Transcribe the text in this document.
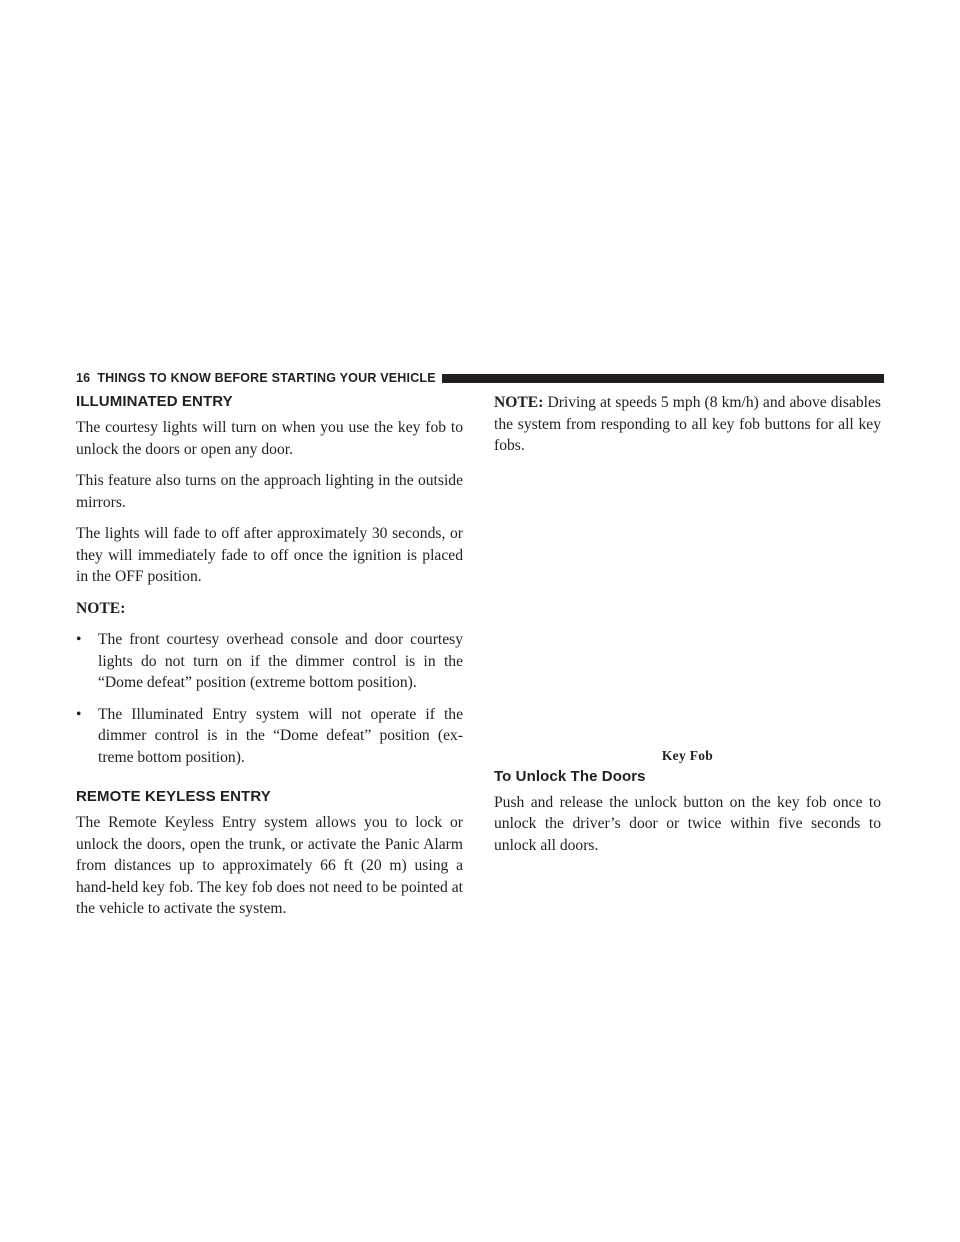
16 THINGS TO KNOW BEFORE STARTING YOUR VEHICLE
ILLUMINATED ENTRY

The courtesy lights will turn on when you use the key fob to unlock the doors or open any door.

This feature also turns on the approach lighting in the outside mirrors.

The lights will fade to off after approximately 30 seconds, or they will immediately fade to off once the ignition is placed in the OFF position.

NOTE:

•	The front courtesy overhead console and door courtesy lights do not turn on if the dimmer control is in the “Dome defeat” position (extreme bottom position).
•	The Illuminated Entry system will not operate if the dimmer control is in the “Dome defeat” position (ex-treme bottom position).
REMOTE KEYLESS ENTRY

The Remote Keyless Entry system allows you to lock or unlock the doors, open the trunk, or activate the Panic Alarm from distances up to approximately 66 ft (20 m) using a hand-held key fob. The key fob does not need to be pointed at the vehicle to activate the system.

NOTE: Driving at speeds 5 mph (8 km/h) and above disables the system from responding to all key fob buttons for all key fobs.

Key Fob

To Unlock The Doors

Push and release the unlock button on the key fob once to unlock the driver’s door or twice within five seconds to unlock all doors.
